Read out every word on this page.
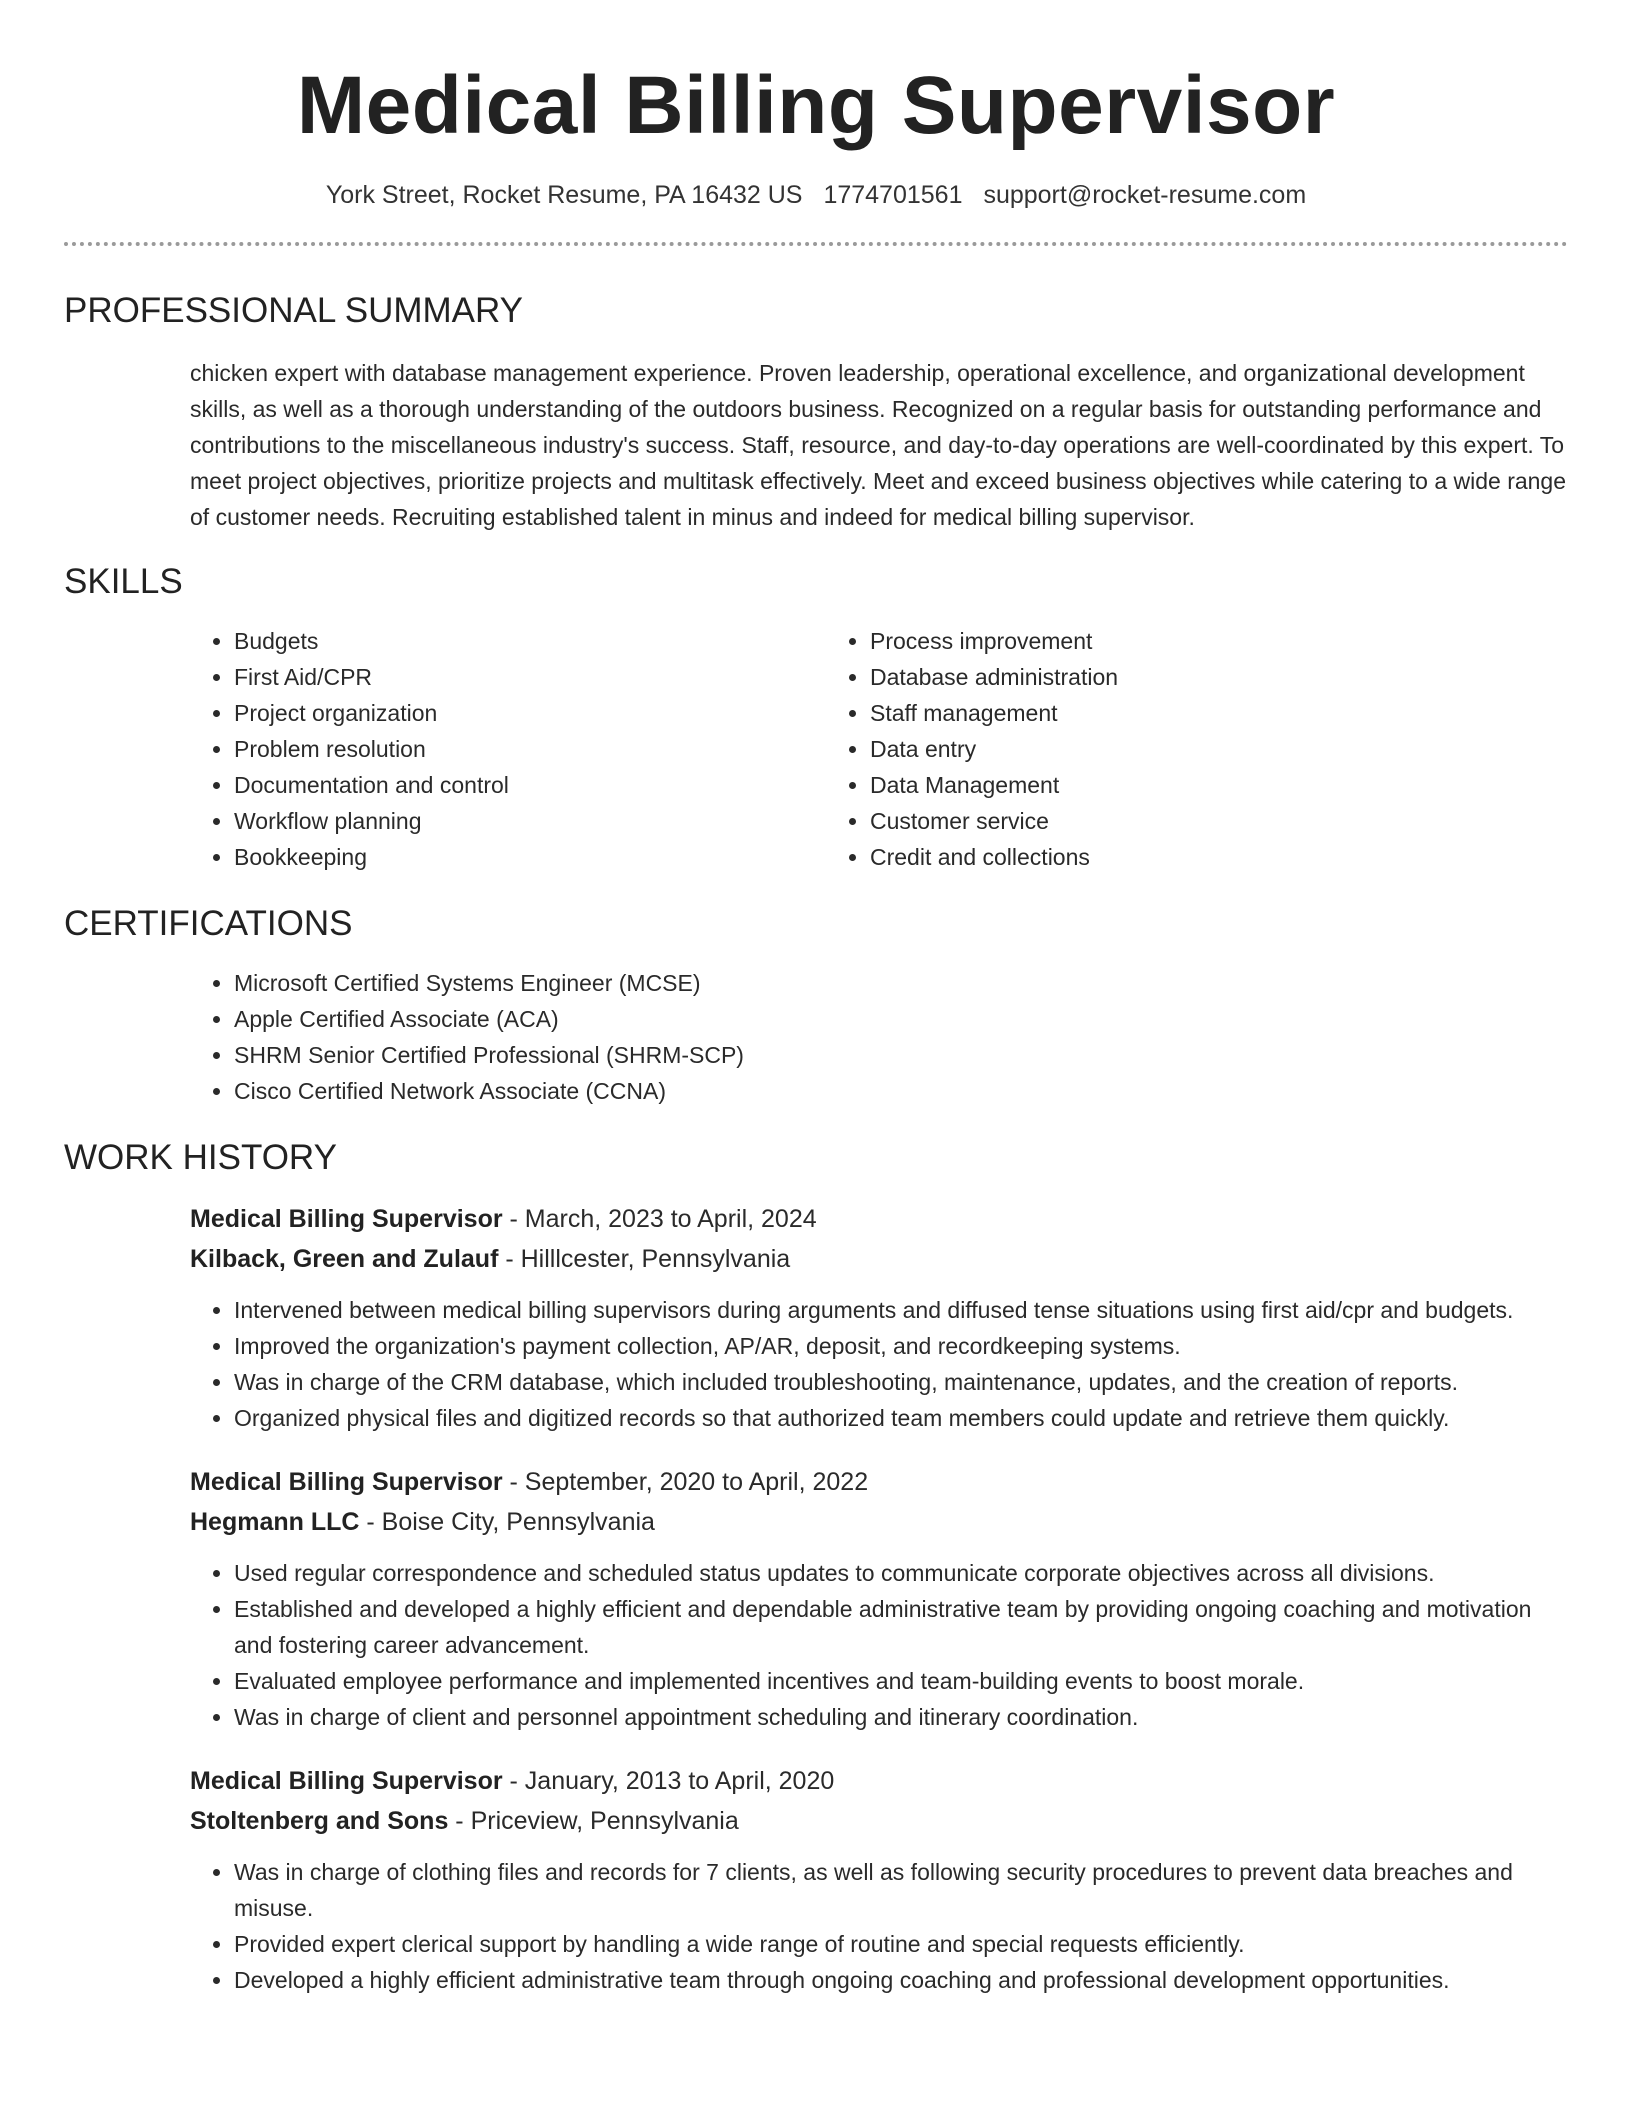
Medical Billing Supervisor
York Street, Rocket Resume, PA 16432 US 1774701561 support@rocket-resume.com
PROFESSIONAL SUMMARY

chicken expert with database management experience. Proven leadership, operational excellence, and organizational development skills, as well as a thorough understanding of the outdoors business. Recognized on a regular basis for outstanding performance and contributions to the miscellaneous industry's success. Staff, resource, and day-to-day operations are well-coordinated by this expert. To meet project objectives, prioritize projects and multitask effectively. Meet and exceed business objectives while catering to a wide range of customer needs. Recruiting established talent in minus and indeed for medical billing supervisor.

SKILLS
• Budgets
• First Aid/CPR
• Project organization
• Problem resolution
• Documentation and control
• Workflow planning
• Bookkeeping
• Process improvement
• Database administration
• Staff management
• Data entry
• Data Management
• Customer service
• Credit and collections
CERTIFICATIONS
• Microsoft Certified Systems Engineer (MCSE)
• Apple Certified Associate (ACA)
• SHRM Senior Certified Professional (SHRM-SCP)
• Cisco Certified Network Associate (CCNA)
WORK HISTORY
Medical Billing Supervisor - March, 2023 to April, 2024
Kilback, Green and Zulauf - Hilllcester, Pennsylvania
• Intervened between medical billing supervisors during arguments and diffused tense situations using first aid/cpr and budgets.
• Improved the organization's payment collection, AP/AR, deposit, and recordkeeping systems.
• Was in charge of the CRM database, which included troubleshooting, maintenance, updates, and the creation of reports.
• Organized physical files and digitized records so that authorized team members could update and retrieve them quickly.
Medical Billing Supervisor - September, 2020 to April, 2022
Hegmann LLC - Boise City, Pennsylvania
• Used regular correspondence and scheduled status updates to communicate corporate objectives across all divisions.
• Established and developed a highly efficient and dependable administrative team by providing ongoing coaching and motivation and fostering career advancement.
• Evaluated employee performance and implemented incentives and team-building events to boost morale.
• Was in charge of client and personnel appointment scheduling and itinerary coordination.
Medical Billing Supervisor - January, 2013 to April, 2020
Stoltenberg and Sons - Priceview, Pennsylvania
• Was in charge of clothing files and records for 7 clients, as well as following security procedures to prevent data breaches and misuse.
• Provided expert clerical support by handling a wide range of routine and special requests efficiently.
• Developed a highly efficient administrative team through ongoing coaching and professional development opportunities.
